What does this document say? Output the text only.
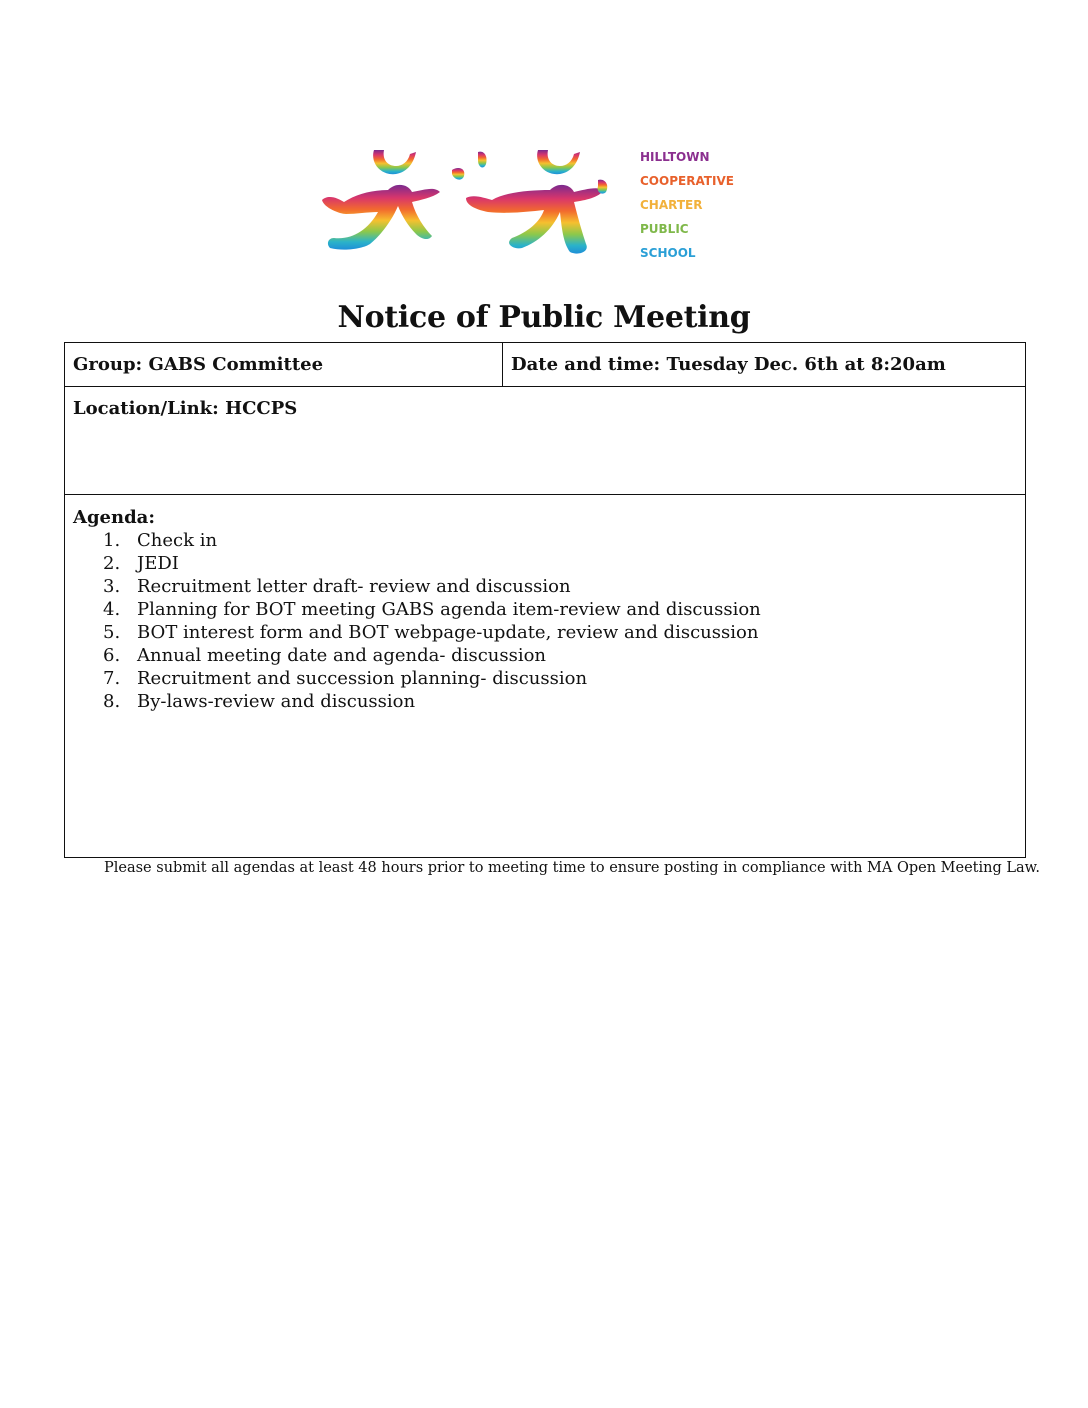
HILLTOWN
COOPERATIVE
CHARTER
PUBLIC
SCHOOL
Notice of Public Meeting
Group: GABS Committee	Date and time: Tuesday Dec. 6th at 8:20am
Location/Link: HCCPS
Agenda:
1. Check in
2. JEDI
3. Recruitment letter draft- review and discussion
4. Planning for BOT meeting GABS agenda item-review and discussion
5. BOT interest form and BOT webpage-update, review and discussion
6. Annual meeting date and agenda- discussion
7. Recruitment and succession planning- discussion
8. By-laws-review and discussion
Please submit all agendas at least 48 hours prior to meeting time to ensure posting in compliance with MA Open Meeting Law.
